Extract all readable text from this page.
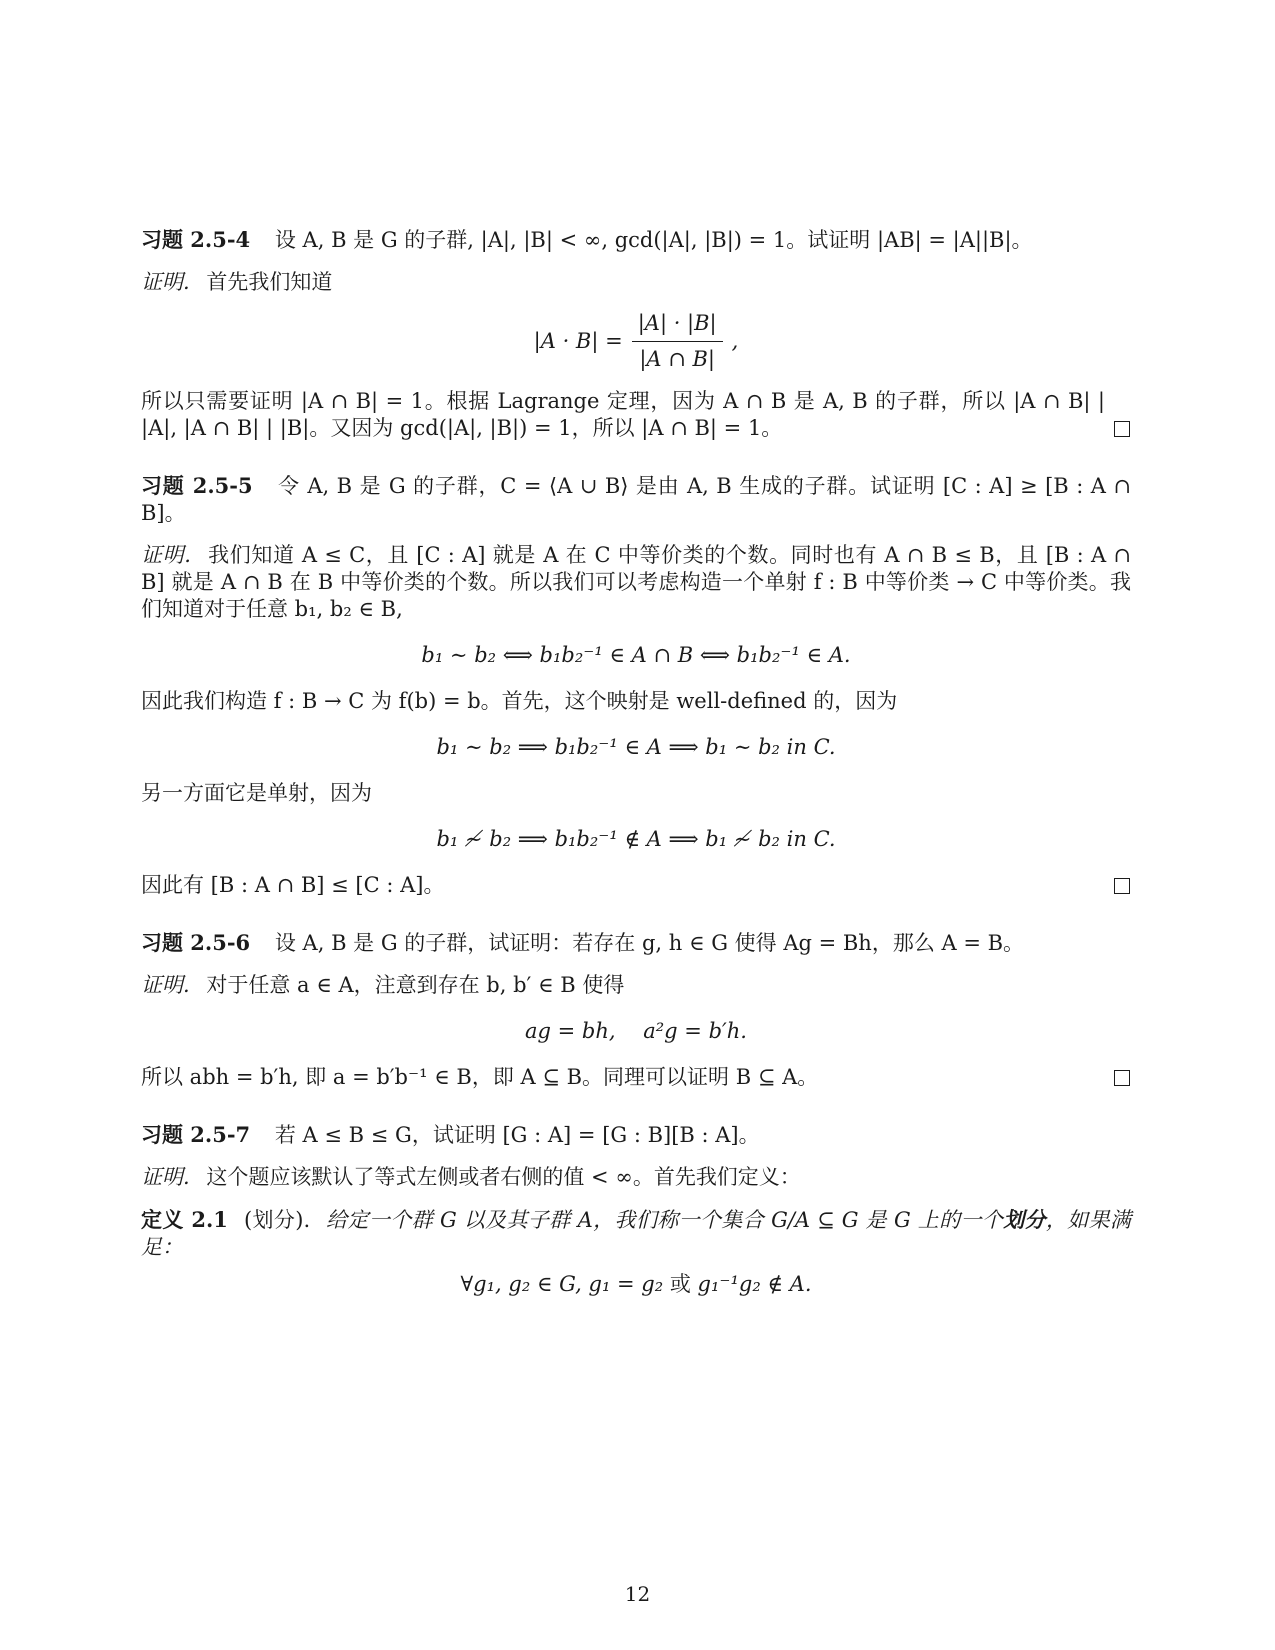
习题 2.5-4 设 A, B 是 G 的子群, |A|, |B| < ∞, gcd(|A|, |B|) = 1。试证明 |AB| = |A||B|。

证明. 首先我们知道

$|A \cdot B| = \frac{|A| \cdot |B|}{|A \cap B|}$ ,

所以只需要证明 |A ∩ B| = 1。根据 Lagrange 定理，因为 A ∩ B 是 A, B 的子群，所以 |A ∩ B| | |A|, |A ∩ B| | |B|。又因为 gcd(|A|, |B|) = 1，所以 |A ∩ B| = 1。

习题 2.5-5 令 A, B 是 G 的子群，C = ⟨A ∪ B⟩ 是由 A, B 生成的子群。试证明 [C : A] ≥ [B : A ∩ B]。

证明. 我们知道 A ≤ C，且 [C : A] 就是 A 在 C 中等价类的个数。同时也有 A ∩ B ≤ B，且 [B : A ∩ B] 就是 A ∩ B 在 B 中等价类的个数。所以我们可以考虑构造一个单射 f : B 中等价类 → C 中等价类。我们知道对于任意 b₁, b₂ ∈ B,

b₁ ∼ b₂ ⟺ b₁b₂⁻¹ ∈ A ∩ B ⟺ b₁b₂⁻¹ ∈ A.

因此我们构造 f : B → C 为 f(b) = b。首先，这个映射是 well-defined 的，因为

b₁ ∼ b₂ ⟹ b₁b₂⁻¹ ∈ A ⟹ b₁ ∼ b₂ in C.

另一方面它是单射，因为

b₁ ≁ b₂ ⟹ b₁b₂⁻¹ ∉ A ⟹ b₁ ≁ b₂ in C.

因此有 [B : A ∩ B] ≤ [C : A]。

习题 2.5-6 设 A, B 是 G 的子群，试证明：若存在 g, h ∈ G 使得 Ag = Bh，那么 A = B。

证明. 对于任意 a ∈ A，注意到存在 b, b′ ∈ B 使得

ag = bh,  a²g = b′h.

所以 abh = b′h, 即 a = b′b⁻¹ ∈ B，即 A ⊆ B。同理可以证明 B ⊆ A。

习题 2.5-7 若 A ≤ B ≤ G，试证明 [G : A] = [G : B][B : A]。

证明. 这个题应该默认了等式左侧或者右侧的值 < ∞。首先我们定义：

定义 2.1 (划分). 给定一个群 G 以及其子群 A，我们称一个集合 G/A ⊆ G 是 G 上的一个划分，如果满足：

∀g₁, g₂ ∈ G, g₁ = g₂ 或 g₁⁻¹g₂ ∉ A.
12
